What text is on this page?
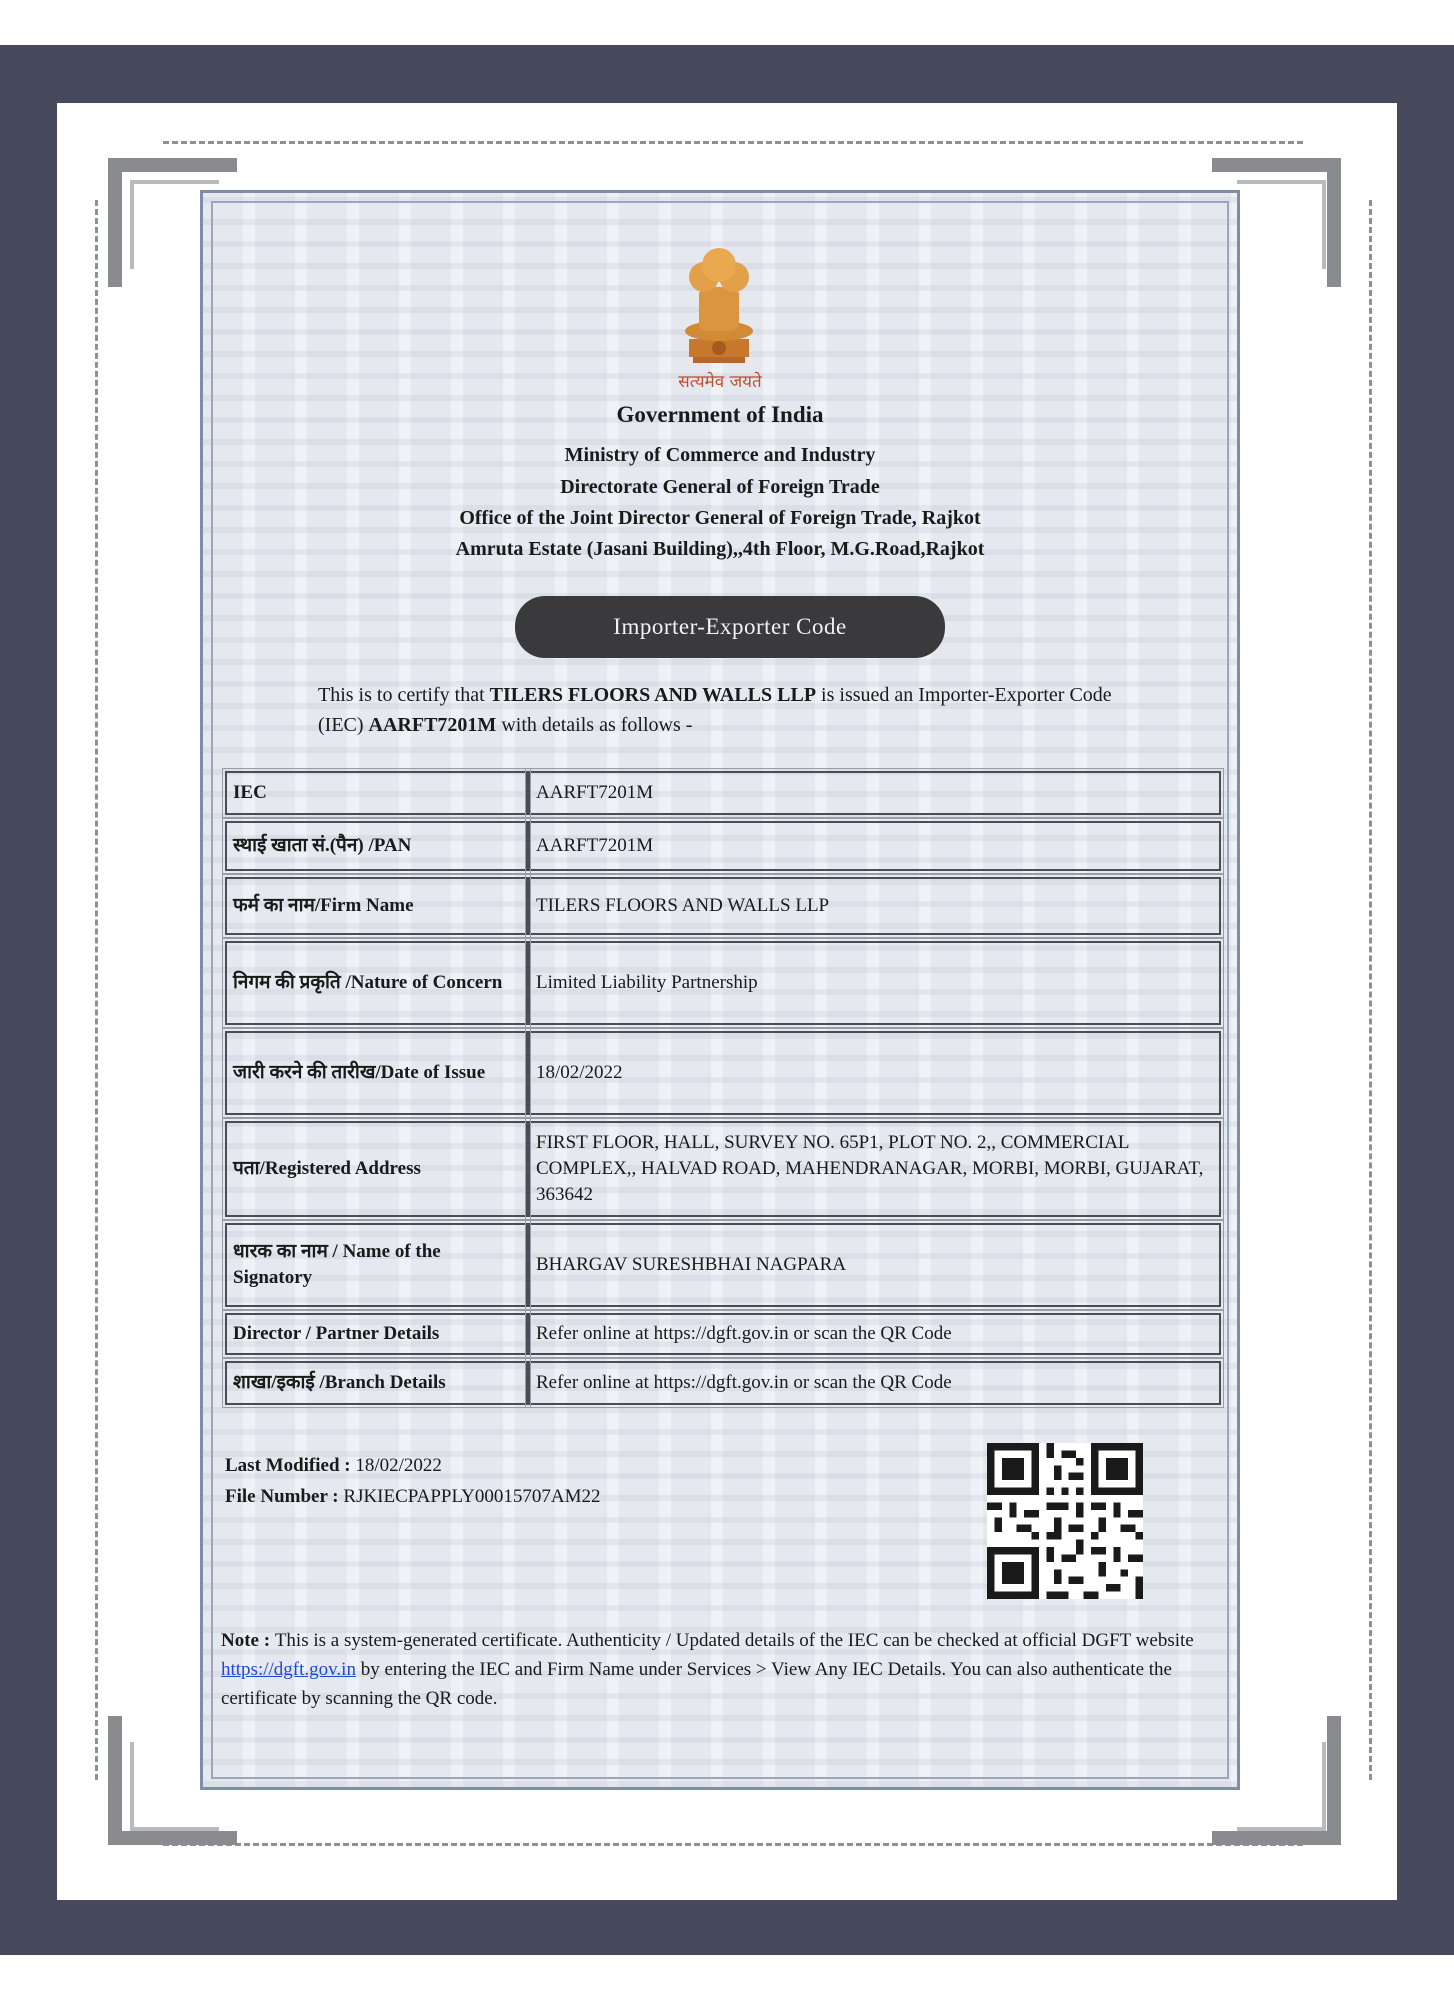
सत्यमेव जयते
Government of India
Ministry of Commerce and Industry
Directorate General of Foreign Trade
Office of the Joint Director General of Foreign Trade, Rajkot
Amruta Estate (Jasani Building),,4th Floor, M.G.Road,Rajkot
Importer-Exporter Code
This is to certify that TILERS FLOORS AND WALLS LLP is issued an Importer-Exporter Code (IEC) AARFT7201M with details as follows -
IEC	AARFT7201M
स्थाई खाता सं.(पैन) /PAN	AARFT7201M
फर्म का नाम/Firm Name	TILERS FLOORS AND WALLS LLP
निगम की प्रकृति /Nature of Concern	Limited Liability Partnership
जारी करने की तारीख/Date of Issue	18/02/2022
पता/Registered Address	FIRST FLOOR, HALL, SURVEY NO. 65P1, PLOT NO. 2,, COMMERCIAL COMPLEX,, HALVAD ROAD, MAHENDRANAGAR, MORBI, MORBI, GUJARAT, 363642
धारक का नाम / Name of the Signatory	BHARGAV SURESHBHAI NAGPARA
Director / Partner Details	Refer online at https://dgft.gov.in or scan the QR Code
शाखा/इकाई /Branch Details	Refer online at https://dgft.gov.in or scan the QR Code
Last Modified : 18/02/2022
File Number : RJKIECPAPPLY00015707AM22
Note : This is a system-generated certificate. Authenticity / Updated details of the IEC can be checked at official DGFT website https://dgft.gov.in by entering the IEC and Firm Name under Services > View Any IEC Details. You can also authenticate the certificate by scanning the QR code.
